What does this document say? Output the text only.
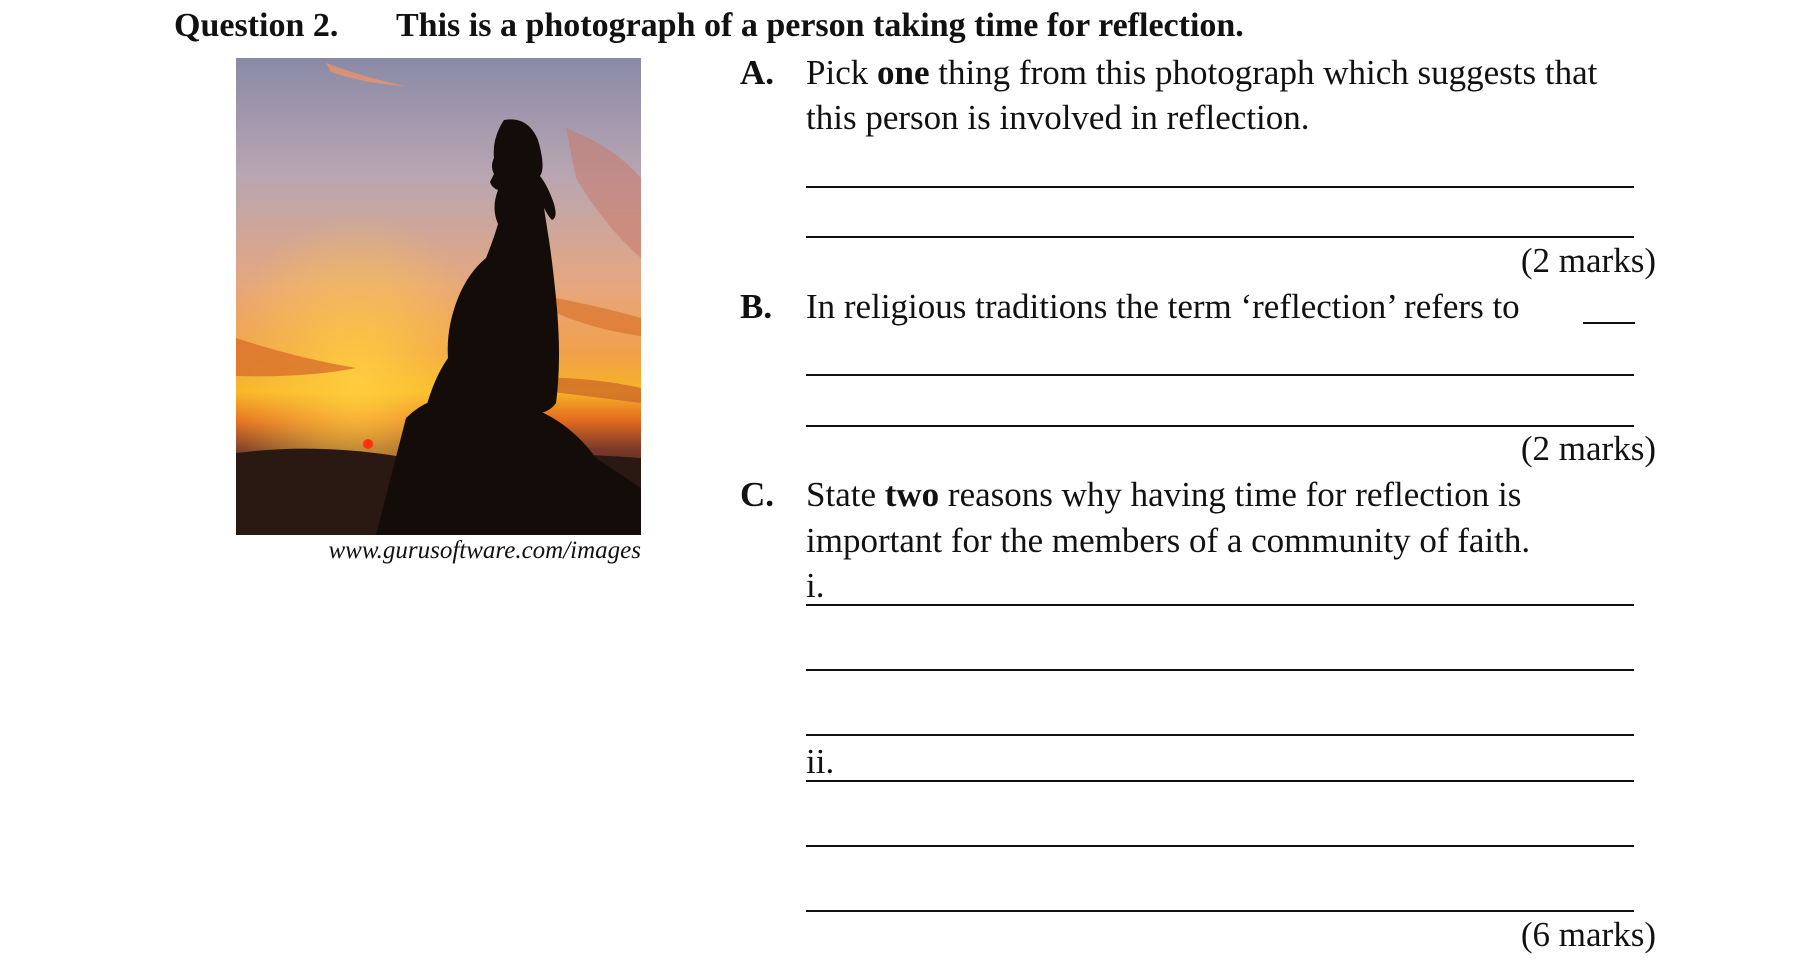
Question 2. This is a photograph of a person taking time for reflection.
www.gurusoftware.com/images
A. Pick one thing from this photograph which suggests that
this person is involved in reflection.
(2 marks)
B. In religious traditions the term ‘reflection’ refers to
(2 marks)
C. State two reasons why having time for reflection is
important for the members of a community of faith.
i.
ii.
(6 marks)
